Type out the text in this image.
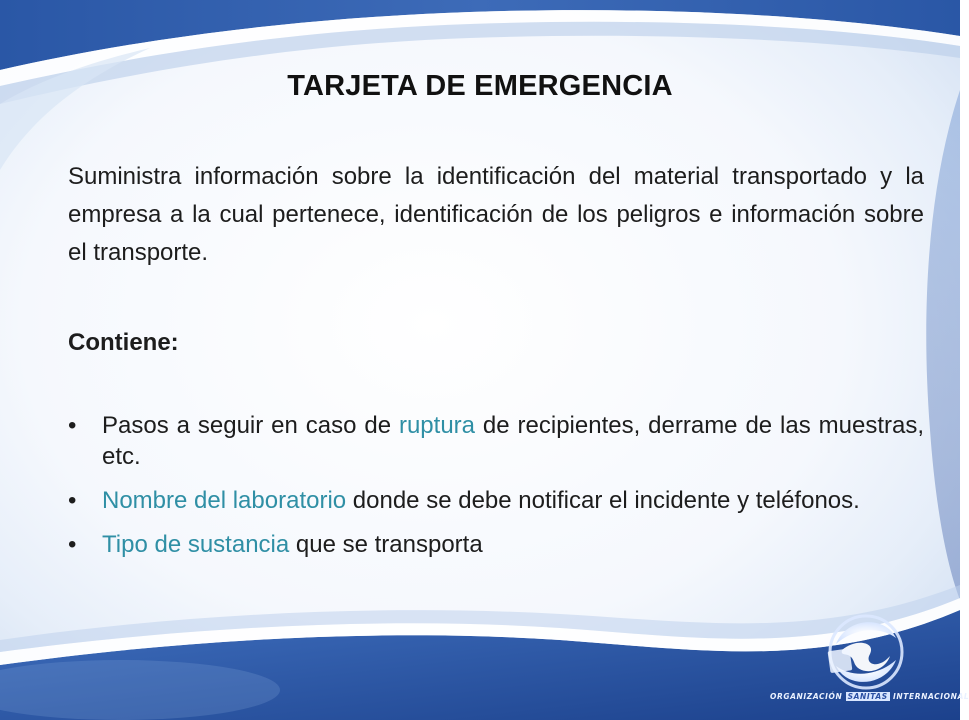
TARJETA DE EMERGENCIA
Suministra información sobre la identificación del material transportado y la empresa a la cual pertenece, identificación de los peligros e información sobre el transporte.
Contiene:
• Pasos a seguir en caso de ruptura de recipientes, derrame de las muestras, etc.
• Nombre del laboratorio donde se debe notificar el incidente y teléfonos.
• Tipo de sustancia que se transporta
ORGANIZACIÓN SANITAS INTERNACIONAL
